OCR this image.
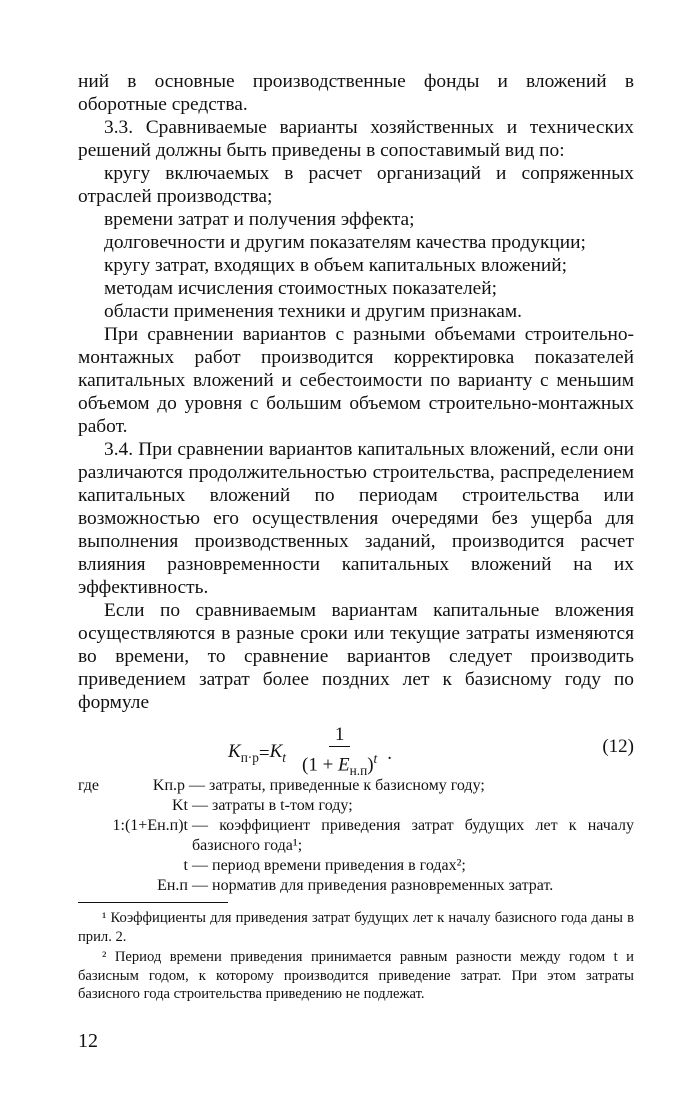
ний в основные производственные фонды и вложений в оборотные средства.

3.3. Сравниваемые варианты хозяйственных и технических решений должны быть приведены в сопоставимый вид по:

кругу включаемых в расчет организаций и сопряженных отраслей производства;

времени затрат и получения эффекта;

долговечности и другим показателям качества продукции;

кругу затрат, входящих в объем капитальных вложений;

методам исчисления стоимостных показателей;

области применения техники и другим признакам.

При сравнении вариантов с разными объемами строительно-монтажных работ производится корректировка показателей капитальных вложений и себестоимости по варианту с меньшим объемом до уровня с большим объемом строительно-монтажных работ.

3.4. При сравнении вариантов капитальных вложений, если они различаются продолжительностью строительства, распределением капитальных вложений по периодам строительства или возможностью его осуществления очередями без ущерба для выполнения производственных заданий, производится расчет влияния разновременности капитальных вложений на их эффективность.

Если по сравниваемым вариантам капитальные вложения осуществляются в разные сроки или текущие затраты изменяются во времени, то сравнение вариантов следует производить приведением затрат более поздних лет к базисному году по формуле

$K_{п\cdot р} = K_t \frac{1}{(1 + E_{н.п})^t}$ .	(12)
где	Kп.р — затраты, приведенные к базисному году;
Kt — затраты в t-том году;
1:(1+Eн.п)t — коэффициент приведения затрат будущих лет к началу базисного года¹;
t — период времени приведения в годах²;
Eн.п — норматив для приведения разновременных затрат.

¹ Коэффициенты для приведения затрат будущих лет к началу базисного года даны в прил. 2.

² Период времени приведения принимается равным разности между годом t и базисным годом, к которому производится приведение затрат. При этом затраты базисного года строительства приведению не подлежат.

12
